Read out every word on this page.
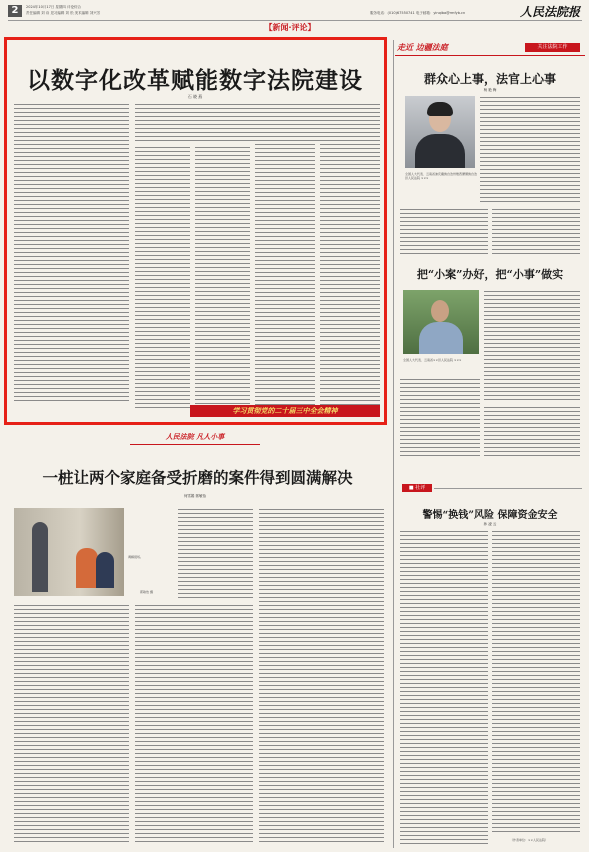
2	2024年10月17日 星期四 评论综合
责任编辑 刘 诗 见习编辑 刘 松 美术编辑 刘兴芳	服务电话：(010)67550741 电子邮箱：yinqiba@rmfyb.cn	人民法院报
【新闻·评论】
以数字化改革赋能数字法院建设
石 晓 燕
学习贯彻党的二十届三中全会精神
走近 边疆法庭	关注法院工作
群众心上事，法官上心事
杨 艳 梅
全国人大代表、云南省迪庆藏族自治州维西傈僳族自治县人民法院 ×××
把“小案”办好，把“小事”做实
全国人大代表、云南省××县人民法院 ×××
■ 社评
警惕“换钱”风险 保障资金安全
孙 凌 云
（作者单位：××人民法院）
人民法院 凡人小事
一桩让两个家庭备受折磨的案件得到圆满解决
何雪娟 郭敏怡
调解现场。
郭敏怡 摄
